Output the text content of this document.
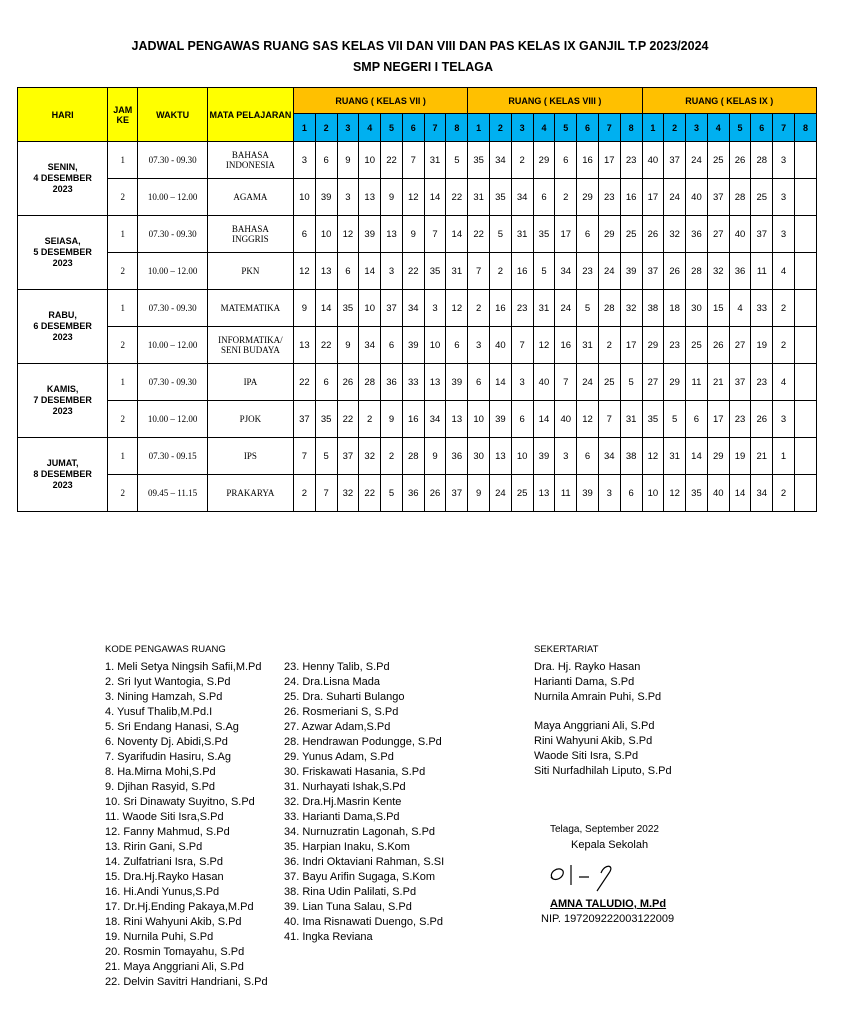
JADWAL PENGAWAS RUANG SAS KELAS VII DAN VIII DAN PAS KELAS IX GANJIL T.P 2023/2024
SMP NEGERI I TELAGA
HARI	JAM KE	WAKTU	MATA PELAJARAN	RUANG ( KELAS VII )								RUANG ( KELAS VIII )								RUANG ( KELAS IX )							
				1	2	3	4	5	6	7	8	1	2	3	4	5	6	7	8	1	2	3	4	5	6	7	8
SENIN,
4 DESEMBER
2023	1	07.30 - 09.30	BAHASA
INDONESIA	3	6	9	10	22	7	31	5	35	34	2	29	6	16	17	23	40	37	24	25	26	28	3	
	2	10.00 – 12.00	AGAMA	10	39	3	13	9	12	14	22	31	35	34	6	2	29	23	16	17	24	40	37	28	25	3	
SEIASA,
5 DESEMBER
2023	1	07.30 - 09.30	BAHASA
INGGRIS	6	10	12	39	13	9	7	14	22	5	31	35	17	6	29	25	26	32	36	27	40	37	3	
	2	10.00 – 12.00	PKN	12	13	6	14	3	22	35	31	7	2	16	5	34	23	24	39	37	26	28	32	36	11	4	
RABU,
6 DESEMBER
2023	1	07.30 - 09.30	MATEMATIKA	9	14	35	10	37	34	3	12	2	16	23	31	24	5	28	32	38	18	30	15	4	33	2	
	2	10.00 – 12.00	INFORMATIKA/
SENI BUDAYA	13	22	9	34	6	39	10	6	3	40	7	12	16	31	2	17	29	23	25	26	27	19	2	
KAMIS,
7 DESEMBER
2023	1	07.30 - 09.30	IPA	22	6	26	28	36	33	13	39	6	14	3	40	7	24	25	5	27	29	11	21	37	23	4	
	2	10.00 – 12.00	PJOK	37	35	22	2	9	16	34	13	10	39	6	14	40	12	7	31	35	5	6	17	23	26	3	
JUMAT,
8 DESEMBER
2023	1	07.30 - 09.15	IPS	7	5	37	32	2	28	9	36	30	13	10	39	3	6	34	38	12	31	14	29	19	21	1	
	2	09.45 – 11.15	PRAKARYA	2	7	32	22	5	36	26	37	9	24	25	13	11	39	3	6	10	12	35	40	14	34	2	
KODE PENGAWAS RUANG
1. Meli Setya Ningsih Safii,M.Pd
2. Sri Iyut Wantogia, S.Pd
3. Nining Hamzah, S.Pd
4. Yusuf Thalib,M.Pd.I
5. Sri Endang Hanasi, S.Ag
6. Noventy Dj. Abidi,S.Pd
7. Syarifudin Hasiru, S.Ag
8. Ha.Mirna Mohi,S.Pd
9. Djihan Rasyid, S.Pd
10. Sri Dinawaty Suyitno, S.Pd
11. Waode Siti Isra,S.Pd
12. Fanny Mahmud, S.Pd
13. Ririn Gani, S.Pd
14. Zulfatriani Isra, S.Pd
15. Dra.Hj.Rayko Hasan
16. Hi.Andi Yunus,S.Pd
17. Dr.Hj.Ending Pakaya,M.Pd
18. Rini Wahyuni Akib, S.Pd
19. Nurnila Puhi, S.Pd
20. Rosmin Tomayahu, S.Pd
21. Maya Anggriani Ali, S.Pd
22. Delvin Savitri Handriani, S.Pd
23. Henny Talib, S.Pd
24. Dra.Lisna Mada
25. Dra. Suharti Bulango
26. Rosmeriani S, S.Pd
27. Azwar Adam,S.Pd
28. Hendrawan Podungge, S.Pd
29. Yunus Adam, S.Pd
30. Friskawati Hasania, S.Pd
31. Nurhayati Ishak,S.Pd
32. Dra.Hj.Masrin Kente
33. Harianti Dama,S.Pd
34. Nurnuzratin Lagonah, S.Pd
35. Harpian Inaku, S.Kom
36. Indri Oktaviani Rahman, S.SI
37. Bayu Arifin Sugaga, S.Kom
38. Rina Udin Palilati, S.Pd
39. Lian Tuna Salau, S.Pd
40. Ima Risnawati Duengo, S.Pd
41. Ingka Reviana
SEKERTARIAT
Dra. Hj. Rayko Hasan
Harianti Dama, S.Pd
Nurnila Amrain Puhi, S.Pd
Maya Anggriani Ali, S.Pd
Rini Wahyuni Akib, S.Pd
Waode Siti Isra, S.Pd
Siti Nurfadhilah Liputo, S.Pd
Telaga, September 2022
Kepala Sekolah
AMNA TALUDIO, M.Pd
NIP. 197209222003122009
